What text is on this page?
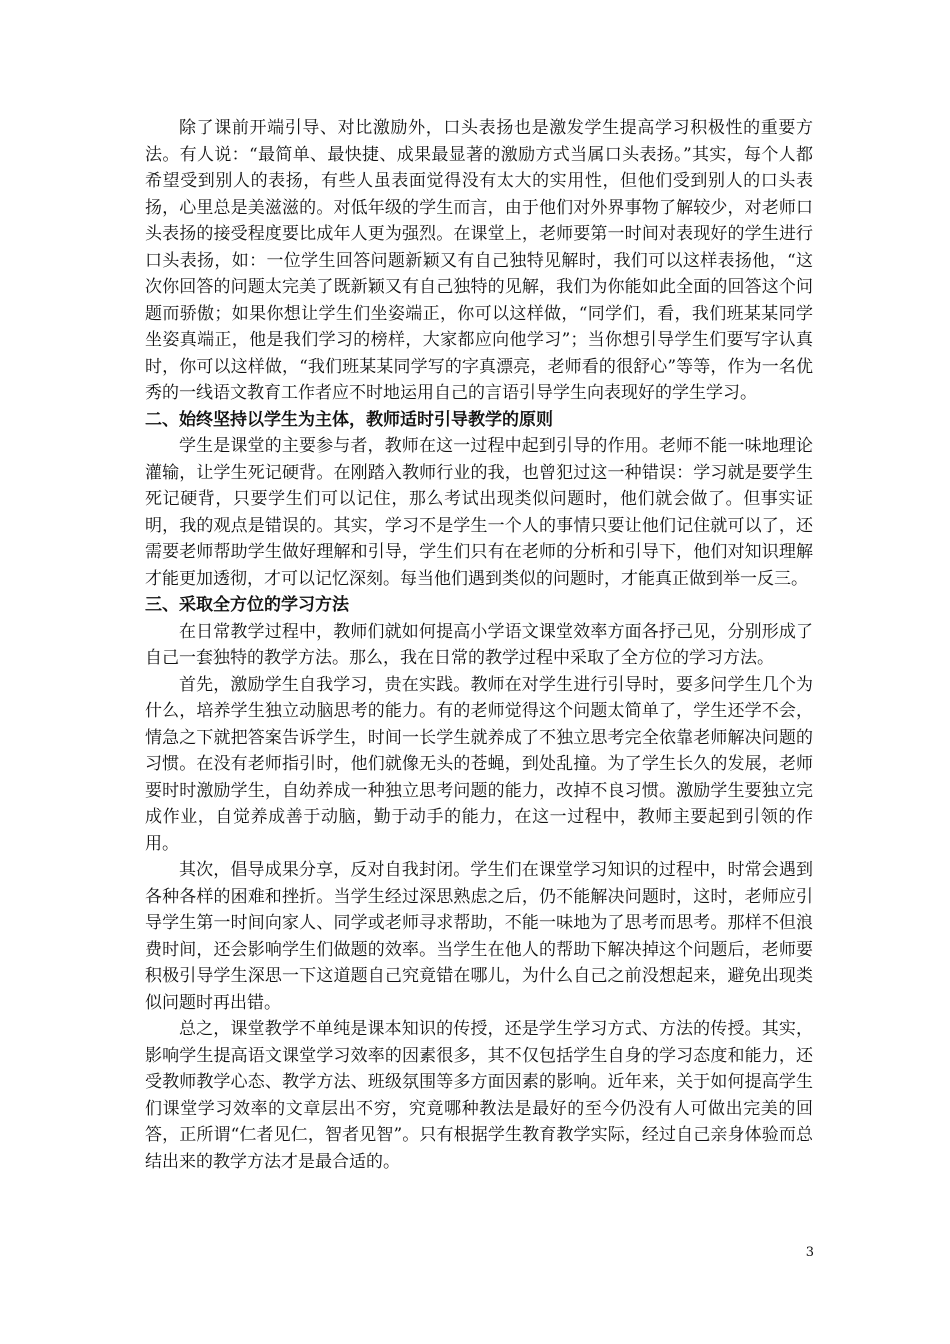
除了课前开端引导、对比激励外，口头表扬也是激发学生提高学习积极性的重要方法。有人说：“最简单、最快捷、成果最显著的激励方式当属口头表扬。”其实，每个人都希望受到别人的表扬，有些人虽表面觉得没有太大的实用性，但他们受到别人的口头表扬，心里总是美滋滋的。对低年级的学生而言，由于他们对外界事物了解较少，对老师口头表扬的接受程度要比成年人更为强烈。在课堂上，老师要第一时间对表现好的学生进行口头表扬，如：一位学生回答问题新颖又有自己独特见解时，我们可以这样表扬他，“这次你回答的问题太完美了既新颖又有自己独特的见解，我们为你能如此全面的回答这个问题而骄傲；如果你想让学生们坐姿端正，你可以这样做，“同学们，看，我们班某某同学坐姿真端正，他是我们学习的榜样，大家都应向他学习”；当你想引导学生们要写字认真时，你可以这样做，“我们班某某同学写的字真漂亮，老师看的很舒心”等等，作为一名优秀的一线语文教育工作者应不时地运用自己的言语引导学生向表现好的学生学习。

二、始终坚持以学生为主体，教师适时引导教学的原则

学生是课堂的主要参与者，教师在这一过程中起到引导的作用。老师不能一味地理论灌输，让学生死记硬背。在刚踏入教师行业的我，也曾犯过这一种错误：学习就是要学生死记硬背，只要学生们可以记住，那么考试出现类似问题时，他们就会做了。但事实证明，我的观点是错误的。其实，学习不是学生一个人的事情只要让他们记住就可以了，还需要老师帮助学生做好理解和引导，学生们只有在老师的分析和引导下，他们对知识理解才能更加透彻，才可以记忆深刻。每当他们遇到类似的问题时，才能真正做到举一反三。

三、采取全方位的学习方法

在日常教学过程中，教师们就如何提高小学语文课堂效率方面各抒己见，分别形成了自己一套独特的教学方法。那么，我在日常的教学过程中采取了全方位的学习方法。

首先，激励学生自我学习，贵在实践。教师在对学生进行引导时，要多问学生几个为什么，培养学生独立动脑思考的能力。有的老师觉得这个问题太简单了，学生还学不会，情急之下就把答案告诉学生，时间一长学生就养成了不独立思考完全依靠老师解决问题的习惯。在没有老师指引时，他们就像无头的苍蝇，到处乱撞。为了学生长久的发展，老师要时时激励学生，自幼养成一种独立思考问题的能力，改掉不良习惯。激励学生要独立完成作业，自觉养成善于动脑，勤于动手的能力，在这一过程中，教师主要起到引领的作用。

其次，倡导成果分享，反对自我封闭。学生们在课堂学习知识的过程中，时常会遇到各种各样的困难和挫折。当学生经过深思熟虑之后，仍不能解决问题时，这时，老师应引导学生第一时间向家人、同学或老师寻求帮助，不能一味地为了思考而思考。那样不但浪费时间，还会影响学生们做题的效率。当学生在他人的帮助下解决掉这个问题后，老师要积极引导学生深思一下这道题自己究竟错在哪儿，为什么自己之前没想起来，避免出现类似问题时再出错。

总之，课堂教学不单纯是课本知识的传授，还是学生学习方式、方法的传授。其实，影响学生提高语文课堂学习效率的因素很多，其不仅包括学生自身的学习态度和能力，还受教师教学心态、教学方法、班级氛围等多方面因素的影响。近年来，关于如何提高学生们课堂学习效率的文章层出不穷，究竟哪种教法是最好的至今仍没有人可做出完美的回答，正所谓“仁者见仁，智者见智”。只有根据学生教育教学实际，经过自己亲身体验而总结出来的教学方法才是最合适的。

3
